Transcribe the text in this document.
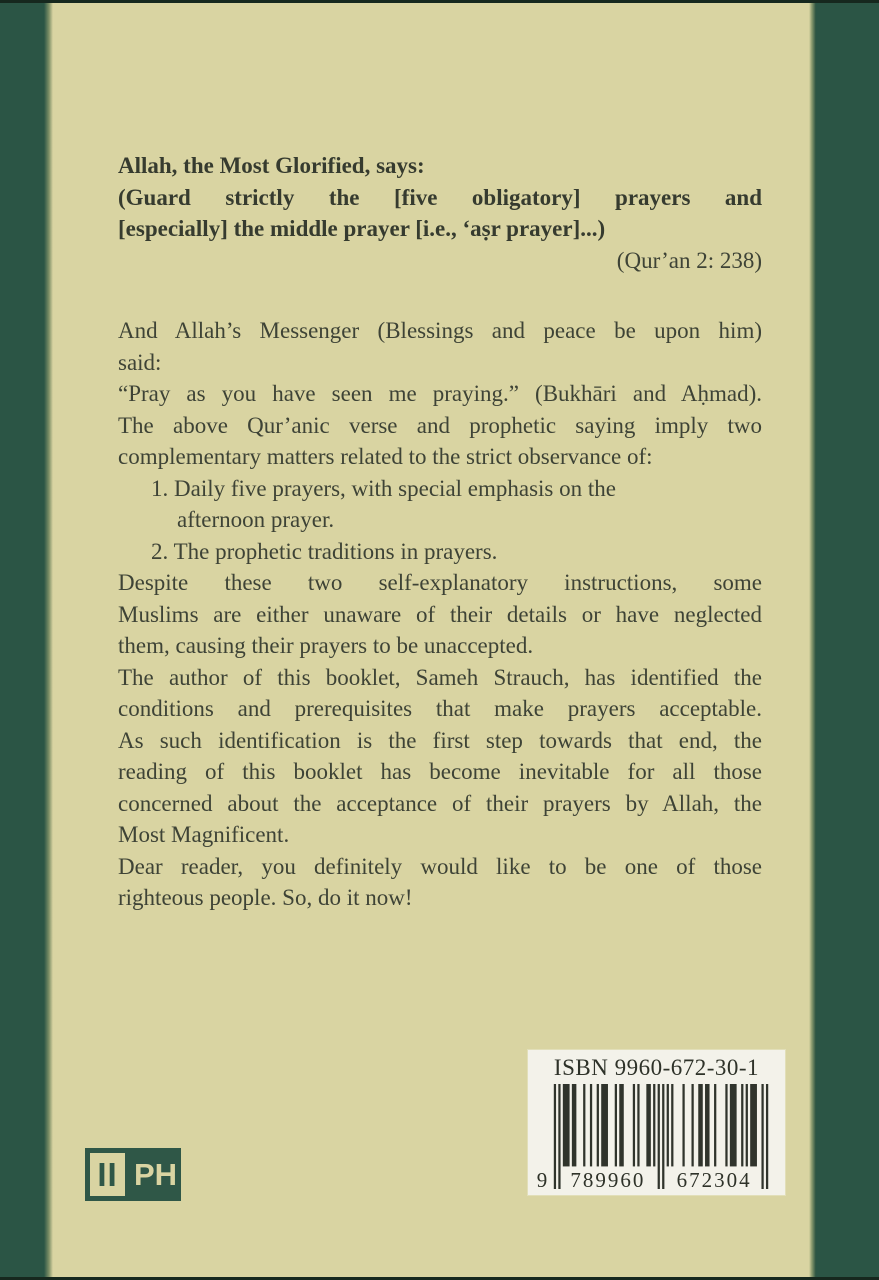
Allah, the Most Glorified, says:
(Guard strictly the [five obligatory] prayers and
[especially] the middle prayer [i.e., ‘aṣr prayer]...)
(Qur’an 2: 238)
And Allah’s Messenger (Blessings and peace be upon him)
said:
“Pray as you have seen me praying.” (Bukhāri and Aḥmad).
The above Qur’anic verse and prophetic saying imply two
complementary matters related to the strict observance of:
1. Daily five prayers, with special emphasis on the
afternoon prayer.
2. The prophetic traditions in prayers.
Despite these two self-explanatory instructions, some
Muslims are either unaware of their details or have neglected
them, causing their prayers to be unaccepted.
The author of this booklet, Sameh Strauch, has identified the
conditions and prerequisites that make prayers acceptable.
As such identification is the first step towards that end, the
reading of this booklet has become inevitable for all those
concerned about the acceptance of their prayers by Allah, the
Most Magnificent.
Dear reader, you definitely would like to be one of those
righteous people. So, do it now!
ISBN 9960-672-30-1
9	789960	672304
II PH
